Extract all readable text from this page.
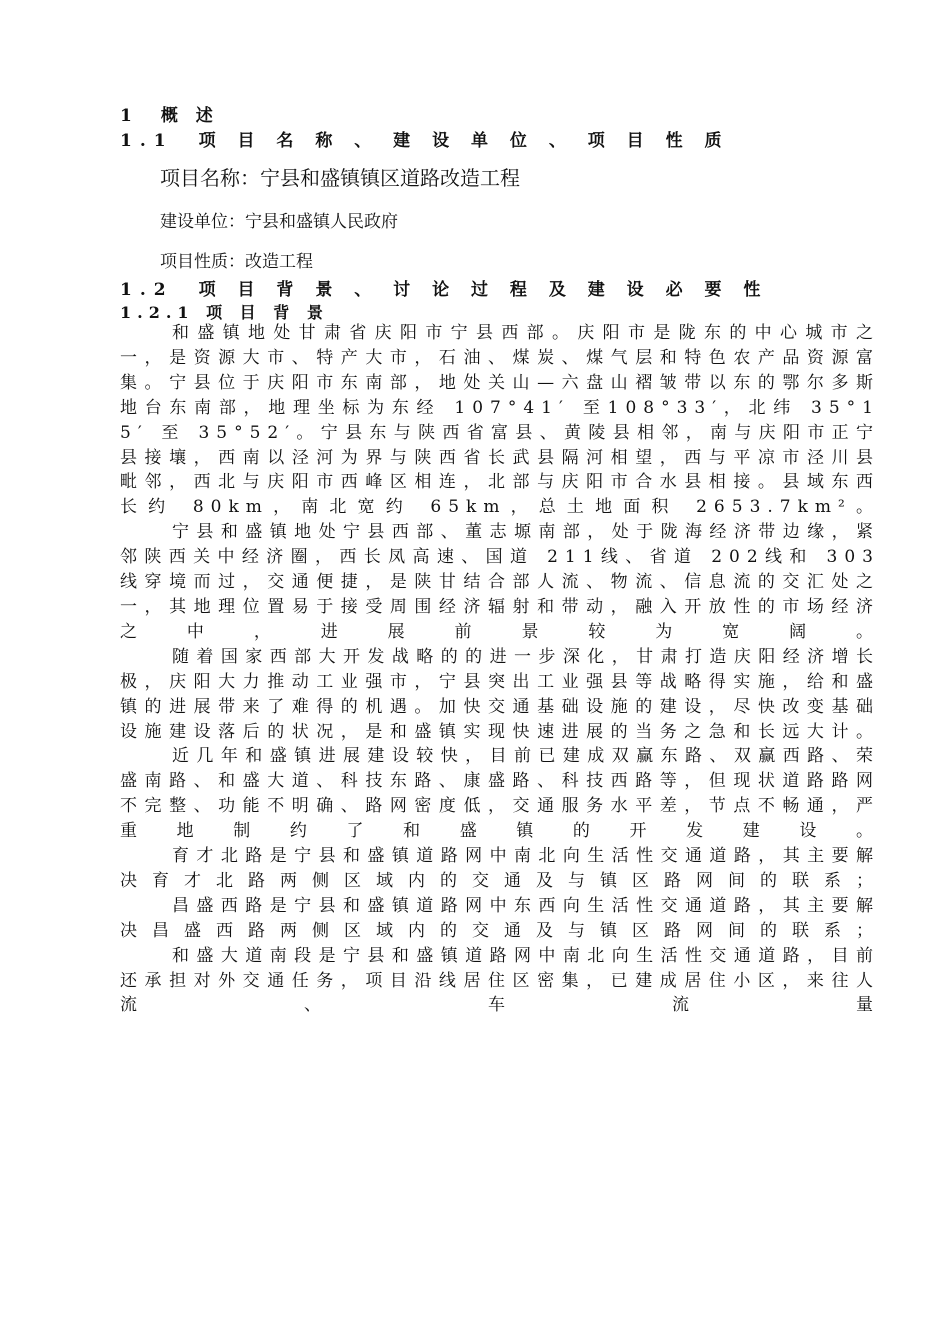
1　概 述
1.1　项 目 名 称 、 建 设 单 位 、 项 目 性 质
项目名称：宁县和盛镇镇区道路改造工程
建设单位：宁县和盛镇人民政府
项目性质：改造工程
1.2　项 目 背 景 、 讨 论 过 程 及 建 设 必 要 性
1.2.1 项 目 背 景

和盛镇地处甘肃省庆阳市宁县西部。庆阳市是陇东的中心城市之一，是资源大市、特产大市，石油、煤炭、煤气层和特色农产品资源富集。宁县位于庆阳市东南部，地处关山—六盘山褶皱带以东的鄂尔多斯地台东南部，地理坐标为东经 107°41′ 至108°33′，北纬 35°15′ 至 35°52′。宁县东与陕西省富县、黄陵县相邻，南与庆阳市正宁县接壤，西南以泾河为界与陕西省长武县隔河相望，西与平凉市泾川县毗邻，西北与庆阳市西峰区相连，北部与庆阳市合水县相接。县域东西长约 80km，南北宽约 65km，总土地面积 2653.7km²。

宁县和盛镇地处宁县西部、董志塬南部，处于陇海经济带边缘，紧邻陕西关中经济圈，西长凤高速、国道 211线、省道 202线和 303线穿境而过，交通便捷，是陕甘结合部人流、物流、信息流的交汇处之一，其地理位置易于接受周围经济辐射和带动，融入开放性的市场经济之中，进展前景较为宽阔。

随着国家西部大开发战略的的进一步深化，甘肃打造庆阳经济增长极，庆阳大力推动工业强市，宁县突出工业强县等战略得实施，给和盛镇的进展带来了难得的机遇。加快交通基础设施的建设，尽快改变基础设施建设落后的状况，是和盛镇实现快速进展的当务之急和长远大计。

近几年和盛镇进展建设较快，目前已建成双赢东路、双赢西路、荣盛南路、和盛大道、科技东路、康盛路、科技西路等，但现状道路路网不完整、功能不明确、路网密度低，交通服务水平差，节点不畅通，严重地制约了和盛镇的开发建设。

育才北路是宁县和盛镇道路网中南北向生活性交通道路，其主要解决育才北路两侧区域内的交通及与镇区路网间的联系；

昌盛西路是宁县和盛镇道路网中东西向生活性交通道路，其主要解决昌盛西路两侧区域内的交通及与镇区路网间的联系；

和盛大道南段是宁县和盛镇道路网中南北向生活性交通道路，目前还承担对外交通任务，项目沿线居住区密集，已建成居住小区，来往人流、车流量
